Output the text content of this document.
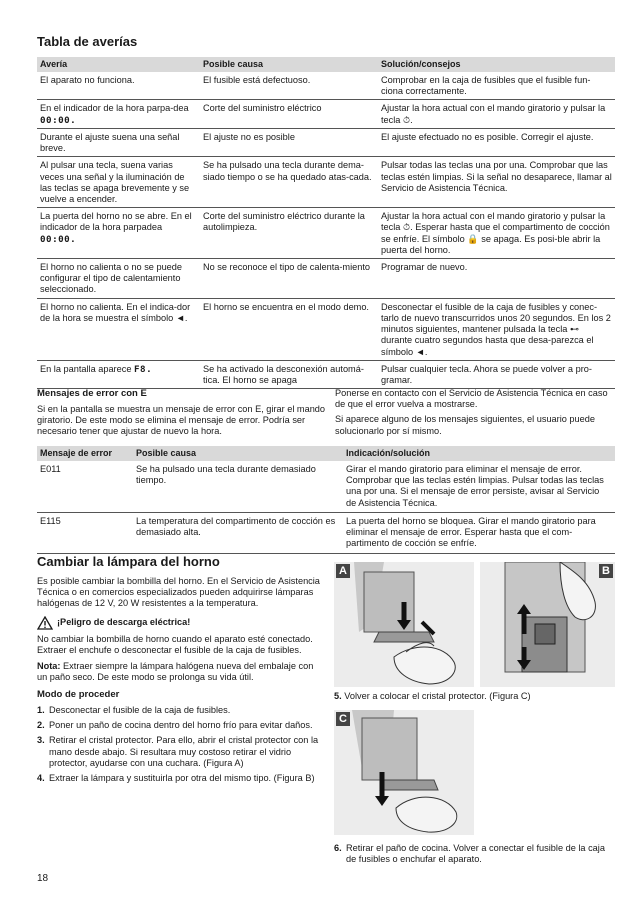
Tabla de averías
Avería	Posible causa	Solución/consejos
El aparato no funciona.	El fusible está defectuoso.	Comprobar en la caja de fusibles que el fusible fun-ciona correctamente.
En el indicador de la hora parpa-dea 00:00.	Corte del suministro eléctrico	Ajustar la hora actual con el mando giratorio y pulsar la tecla ⏱.
Durante el ajuste suena una señal breve.	El ajuste no es posible	El ajuste efectuado no es posible. Corregir el ajuste.
Al pulsar una tecla, suena varias veces una señal y la iluminación de las teclas se apaga brevemente y se vuelve a encender.	Se ha pulsado una tecla durante dema-siado tiempo o se ha quedado atas-cada.	Pulsar todas las teclas una por una. Comprobar que las teclas estén limpias. Si la señal no desaparece, llamar al Servicio de Asistencia Técnica.
La puerta del horno no se abre. En el indicador de la hora parpadea 00:00.	Corte del suministro eléctrico durante la autolimpieza.	Ajustar la hora actual con el mando giratorio y pulsar la tecla ⏱. Esperar hasta que el compartimento de cocción se enfríe. El símbolo 🔒 se apaga. Es posi-ble abrir la puerta del horno.
El horno no calienta o no se puede configurar el tipo de calentamiento seleccionado.	No se reconoce el tipo de calenta-miento	Programar de nuevo.
El horno no calienta. En el indica-dor de la hora se muestra el símbolo ◄.	El horno se encuentra en el modo demo.	Desconectar el fusible de la caja de fusibles y conec-tarlo de nuevo transcurridos unos 20 segundos. En los 2 minutos siguientes, mantener pulsada la tecla ⊷ durante cuatro segundos hasta que desa-parezca el símbolo ◄.
En la pantalla aparece F8.	Se ha activado la desconexión automá-tica. El horno se apaga	Pulsar cualquier tecla. Ahora se puede volver a pro-gramar.
Mensajes de error con E

Si en la pantalla se muestra un mensaje de error con E, girar el mando giratorio. De este modo se elimina el mensaje de error. Podría ser necesario tener que ajustar de nuevo la hora.

Ponerse en contacto con el Servicio de Asistencia Técnica en caso de que el error vuelva a mostrarse.

Si aparece alguno de los mensajes siguientes, el usuario puede solucionarlo por sí mismo.

Mensaje de error	Posible causa	Indicación/solución
E011	Se ha pulsado una tecla durante demasiado tiempo.	Girar el mando giratorio para eliminar el mensaje de error. Comprobar que las teclas estén limpias. Pulsar todas las teclas una por una. Si el mensaje de error persiste, avisar al Servicio de Asistencia Técnica.
E115	La temperatura del compartimento de cocción es demasiado alta.	La puerta del horno se bloquea. Girar el mando giratorio para eliminar el mensaje de error. Esperar hasta que el com-partimento de cocción se enfríe.
Cambiar la lámpara del horno

Es posible cambiar la bombilla del horno. En el Servicio de Asistencia Técnica o en comercios especializados pueden adquirirse lámparas halógenas de 12 V, 20 W resistentes a la temperatura.

¡Peligro de descarga eléctrica!

No cambiar la bombilla de horno cuando el aparato esté conectado. Extraer el enchufe o desconectar el fusible de la caja de fusibles.

Nota: Extraer siempre la lámpara halógena nueva del embalaje con un paño seco. De este modo se prolonga su vida útil.

Modo de proceder
1. Desconectar el fusible de la caja de fusibles.
2. Poner un paño de cocina dentro del horno frío para evitar daños.
3. Retirar el cristal protector. Para ello, abrir el cristal protector con la mano desde abajo. Si resultara muy costoso retirar el vidrio protector, ayudarse con una cuchara. (Figura A)
4. Extraer la lámpara y sustituirla por otra del mismo tipo. (Figura B)
A	B
5. Volver a colocar el cristal protector. (Figura C)
C
6. Retirar el paño de cocina. Volver a conectar el fusible de la caja de fusibles o enchufar el aparato.
18
